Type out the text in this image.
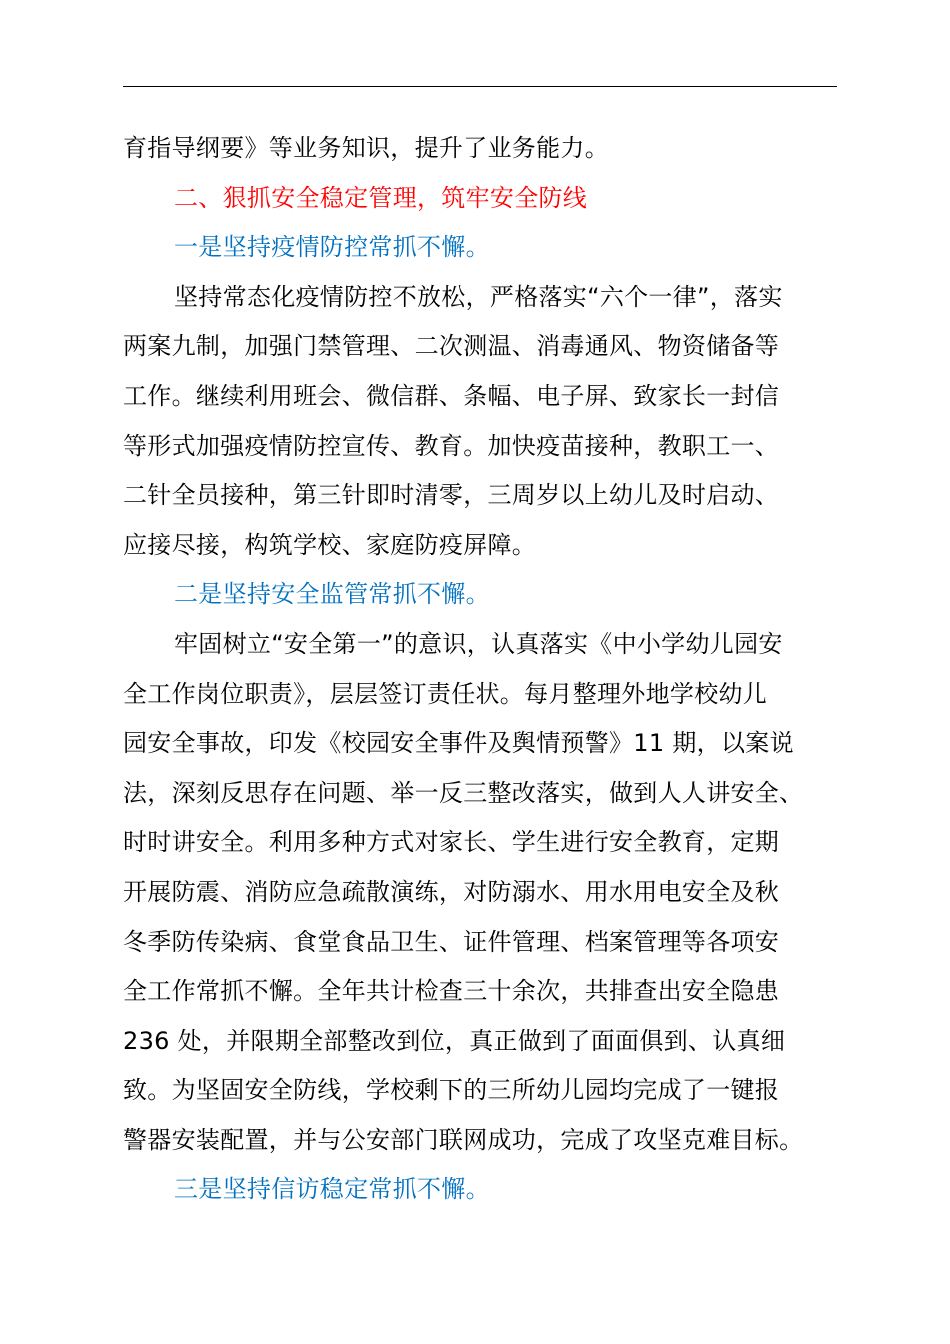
育指导纲要》等业务知识，提升了业务能力。
二、狠抓安全稳定管理，筑牢安全防线
一是坚持疫情防控常抓不懈。
坚持常态化疫情防控不放松，严格落实“六个一律”，落实
两案九制，加强门禁管理、二次测温、消毒通风、物资储备等
工作。继续利用班会、微信群、条幅、电子屏、致家长一封信
等形式加强疫情防控宣传、教育。加快疫苗接种，教职工一、
二针全员接种，第三针即时清零，三周岁以上幼儿及时启动、
应接尽接，构筑学校、家庭防疫屏障。
二是坚持安全监管常抓不懈。
牢固树立“安全第一”的意识，认真落实《中小学幼儿园安
全工作岗位职责》，层层签订责任状。每月整理外地学校幼儿
园安全事故，印发《校园安全事件及舆情预警》11 期，以案说
法，深刻反思存在问题、举一反三整改落实，做到人人讲安全、
时时讲安全。利用多种方式对家长、学生进行安全教育，定期
开展防震、消防应急疏散演练，对防溺水、用水用电安全及秋
冬季防传染病、食堂食品卫生、证件管理、档案管理等各项安
全工作常抓不懈。全年共计检查三十余次，共排查出安全隐患
236 处，并限期全部整改到位，真正做到了面面俱到、认真细
致。为坚固安全防线，学校剩下的三所幼儿园均完成了一键报
警器安装配置，并与公安部门联网成功，完成了攻坚克难目标。
三是坚持信访稳定常抓不懈。
